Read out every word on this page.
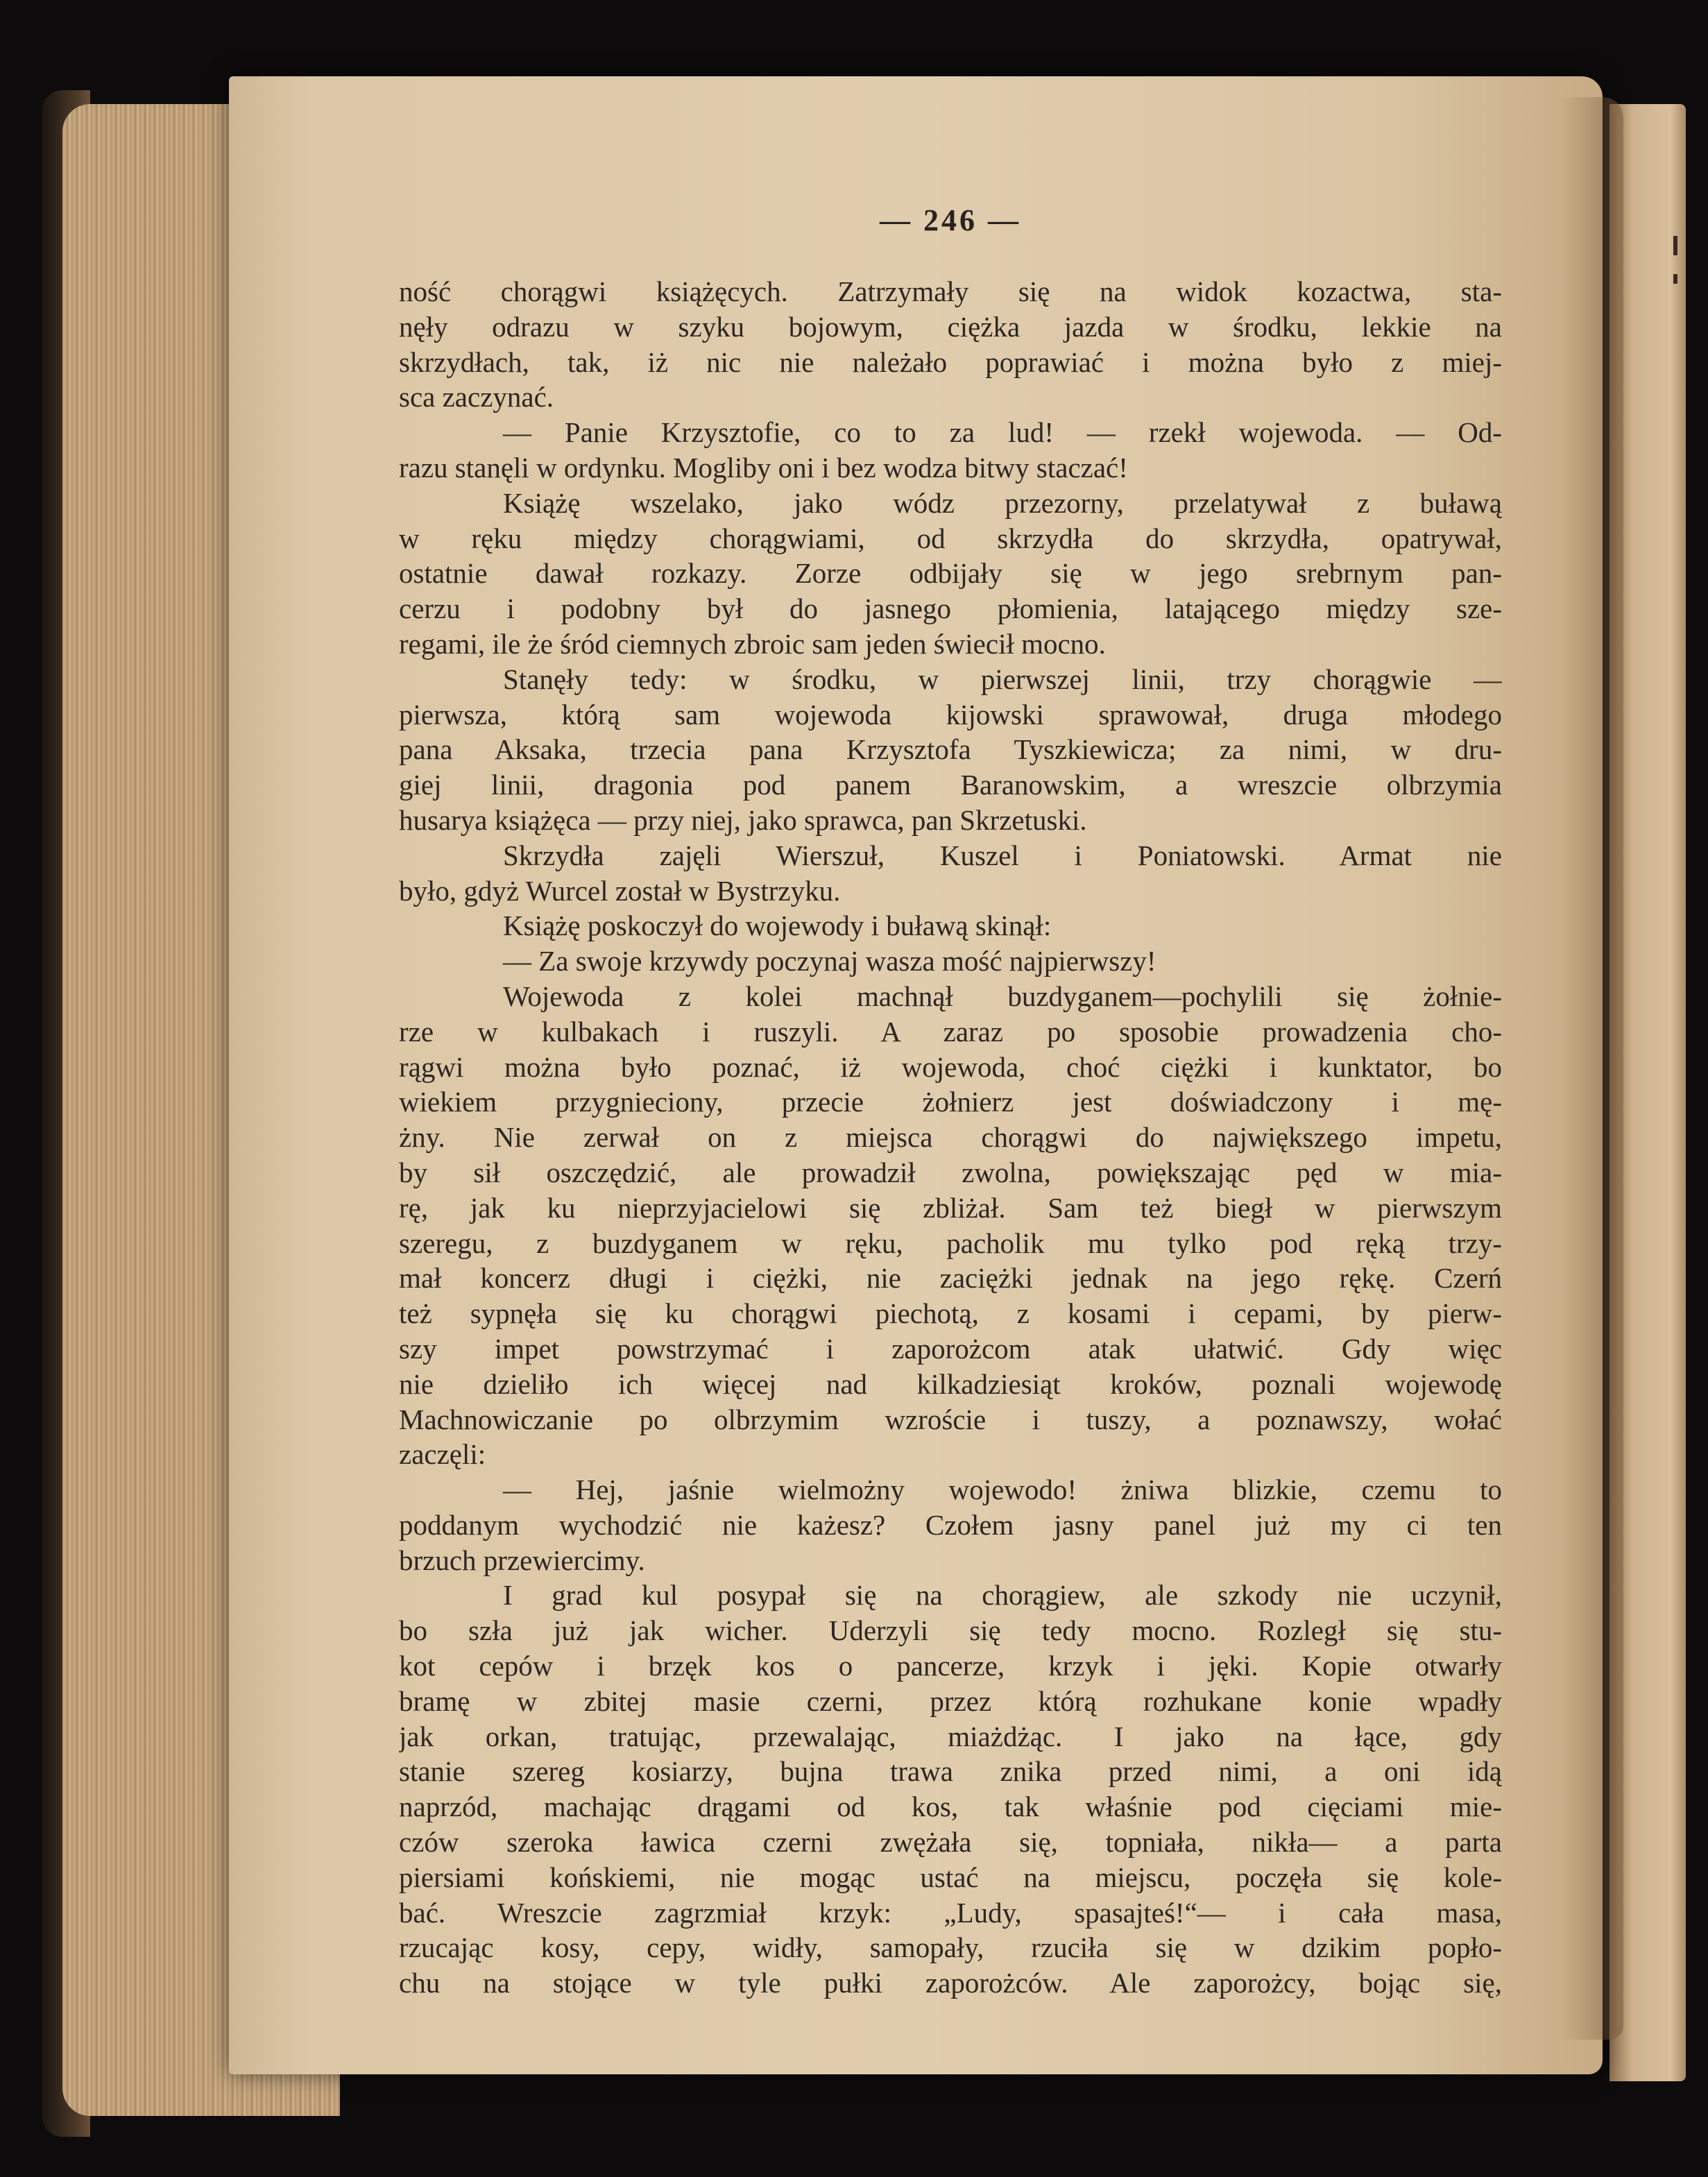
— 246 —
ność chorągwi książęcych. Zatrzymały się na widok kozactwa, sta-
nęły odrazu w szyku bojowym, ciężka jazda w środku, lekkie na
skrzydłach, tak, iż nic nie należało poprawiać i można było z miej-
sca zaczynać.
— Panie Krzysztofie, co to za lud! — rzekł wojewoda. — Od-
razu stanęli w ordynku. Mogliby oni i bez wodza bitwy staczać!
Książę wszelako, jako wódz przezorny, przelatywał z buławą
w ręku między chorągwiami, od skrzydła do skrzydła, opatrywał,
ostatnie dawał rozkazy. Zorze odbijały się w jego srebrnym pan-
cerzu i podobny był do jasnego płomienia, latającego między sze-
regami, ile że śród ciemnych zbroic sam jeden świecił mocno.
Stanęły tedy: w środku, w pierwszej linii, trzy chorągwie —
pierwsza, którą sam wojewoda kijowski sprawował, druga młodego
pana Aksaka, trzecia pana Krzysztofa Tyszkiewicza; za nimi, w dru-
giej linii, dragonia pod panem Baranowskim, a wreszcie olbrzymia
husarya książęca — przy niej, jako sprawca, pan Skrzetuski.
Skrzydła zajęli Wierszuł, Kuszel i Poniatowski. Armat nie
było, gdyż Wurcel został w Bystrzyku.
Książę poskoczył do wojewody i buławą skinął:
— Za swoje krzywdy poczynaj wasza mość najpierwszy!
Wojewoda z kolei machnął buzdyganem—pochylili się żołnie-
rze w kulbakach i ruszyli. A zaraz po sposobie prowadzenia cho-
rągwi można było poznać, iż wojewoda, choć ciężki i kunktator, bo
wiekiem przygnieciony, przecie żołnierz jest doświadczony i mę-
żny. Nie zerwał on z miejsca chorągwi do największego impetu,
by sił oszczędzić, ale prowadził zwolna, powiększając pęd w mia-
rę, jak ku nieprzyjacielowi się zbliżał. Sam też biegł w pierwszym
szeregu, z buzdyganem w ręku, pacholik mu tylko pod ręką trzy-
mał koncerz długi i ciężki, nie zaciężki jednak na jego rękę. Czerń
też sypnęła się ku chorągwi piechotą, z kosami i cepami, by pierw-
szy impet powstrzymać i zaporożcom atak ułatwić. Gdy więc
nie dzieliło ich więcej nad kilkadziesiąt kroków, poznali wojewodę
Machnowiczanie po olbrzymim wzroście i tuszy, a poznawszy, wołać
zaczęli:
— Hej, jaśnie wielmożny wojewodo! żniwa blizkie, czemu to
poddanym wychodzić nie każesz? Czołem jasny panel już my ci ten
brzuch przewiercimy.
I grad kul posypał się na chorągiew, ale szkody nie uczynił,
bo szła już jak wicher. Uderzyli się tedy mocno. Rozległ się stu-
kot cepów i brzęk kos o pancerze, krzyk i jęki. Kopie otwarły
bramę w zbitej masie czerni, przez którą rozhukane konie wpadły
jak orkan, tratując, przewalając, miażdżąc. I jako na łące, gdy
stanie szereg kosiarzy, bujna trawa znika przed nimi, a oni idą
naprzód, machając drągami od kos, tak właśnie pod cięciami mie-
czów szeroka ławica czerni zwężała się, topniała, nikła— a parta
piersiami końskiemi, nie mogąc ustać na miejscu, poczęła się kole-
bać. Wreszcie zagrzmiał krzyk: „Ludy, spasajteś!“— i cała masa,
rzucając kosy, cepy, widły, samopały, rzuciła się w dzikim popło-
chu na stojące w tyle pułki zaporożców. Ale zaporożcy, bojąc się,
